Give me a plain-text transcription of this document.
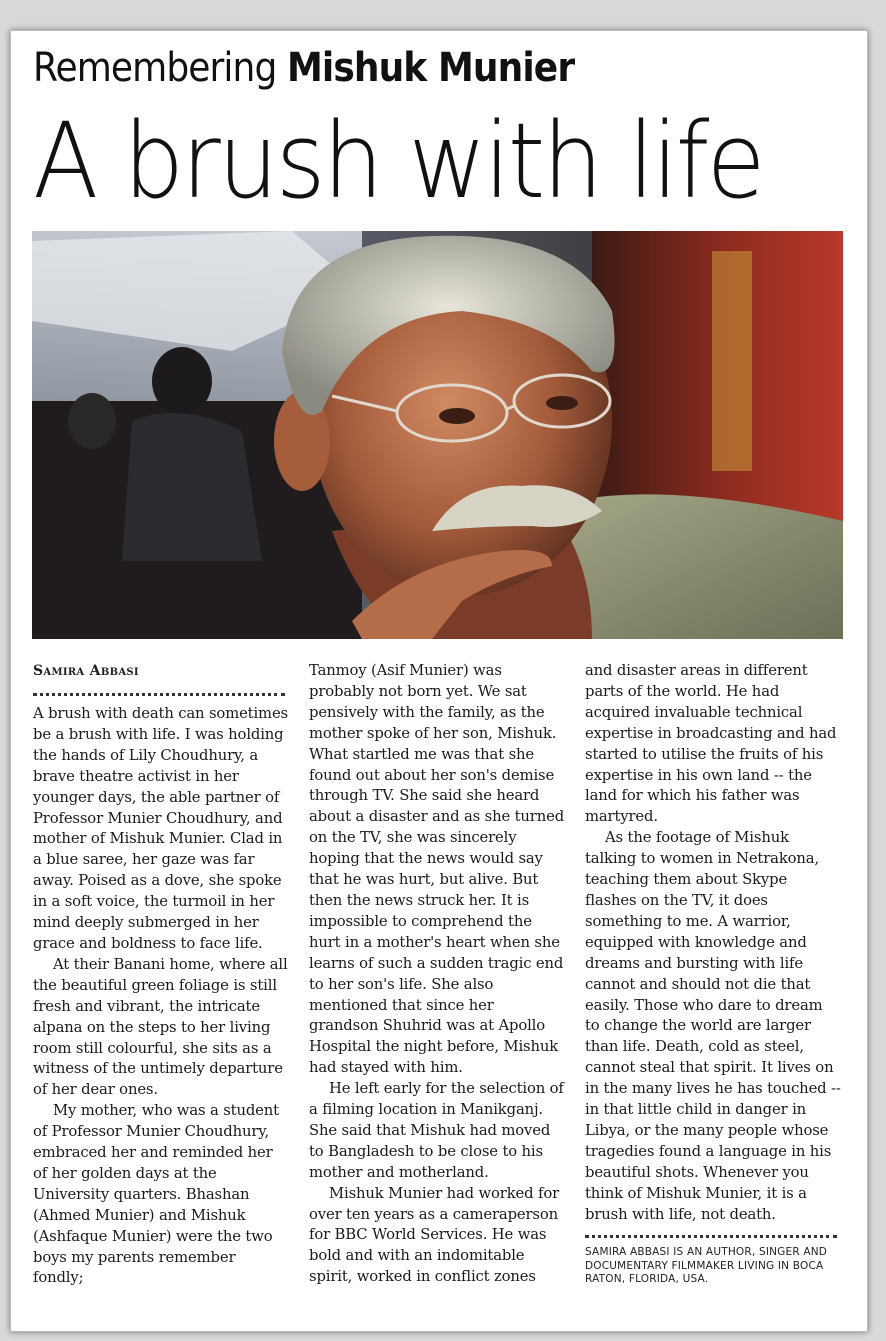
Remembering Mishuk Munier
A brush with life
Samira Abbasi

A brush with death can sometimes be a brush with life. I was holding the hands of Lily Choudhury, a brave theatre activist in her younger days, the able partner of Professor Munier Choudhury, and mother of Mishuk Munier. Clad in a blue saree, her gaze was far away. Poised as a dove, she spoke in a soft voice, the turmoil in her mind deeply submerged in her grace and boldness to face life.

At their Banani home, where all the beautiful green foliage is still fresh and vibrant, the intricate alpana on the steps to her living room still colourful, she sits as a witness of the untimely departure of her dear ones.

My mother, who was a student of Professor Munier Choudhury, embraced her and reminded her of her golden days at the University quarters. Bhashan (Ahmed Munier) and Mishuk (Ashfaque Munier) were the two boys my parents remember fondly;

Tanmoy (Asif Munier) was probably not born yet. We sat pensively with the family, as the mother spoke of her son, Mishuk. What startled me was that she found out about her son's demise through TV. She said she heard about a disaster and as she turned on the TV, she was sincerely hoping that the news would say that he was hurt, but alive. But then the news struck her. It is impossible to comprehend the hurt in a mother's heart when she learns of such a sudden tragic end to her son's life. She also mentioned that since her grandson Shuhrid was at Apollo Hospital the night before, Mishuk had stayed with him.

He left early for the selection of a filming location in Manikganj. She said that Mishuk had moved to Bangladesh to be close to his mother and motherland.

Mishuk Munier had worked for over ten years as a cameraperson for BBC World Services. He was bold and with an indomitable spirit, worked in conflict zones

and disaster areas in different parts of the world. He had acquired invaluable technical expertise in broadcasting and had started to utilise the fruits of his expertise in his own land -- the land for which his father was martyred.

As the footage of Mishuk talking to women in Netrakona, teaching them about Skype flashes on the TV, it does something to me. A warrior, equipped with knowledge and dreams and bursting with life cannot and should not die that easily. Those who dare to dream to change the world are larger than life. Death, cold as steel, cannot steal that spirit. It lives on in the many lives he has touched -- in that little child in danger in Libya, or the many people whose tragedies found a language in his beautiful shots. Whenever you think of Mishuk Munier, it is a brush with life, not death.

SAMIRA ABBASI IS AN AUTHOR, SINGER AND DOCUMENTARY FILMMAKER LIVING IN BOCA RATON, FLORIDA, USA.
